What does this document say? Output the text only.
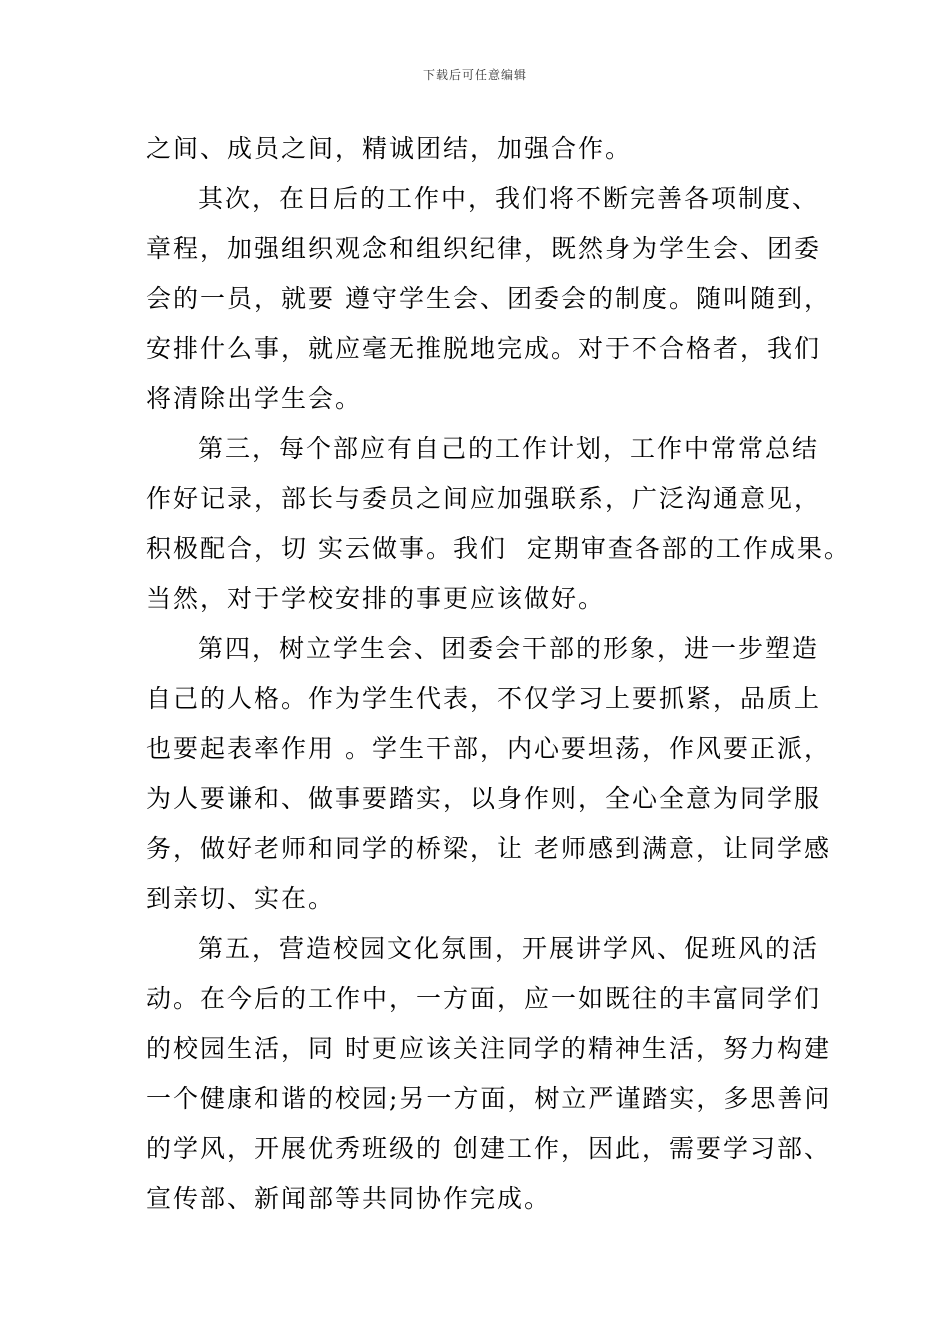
下载后可任意编辑
之间、成员之间，精诚团结，加强合作。
其次，在日后的工作中，我们将不断完善各项制度、
章程，加强组织观念和组织纪律，既然身为学生会、团委
会的一员，就要 遵守学生会、团委会的制度。随叫随到，
安排什么事，就应毫无推脱地完成。对于不合格者，我们
将清除出学生会。
第三，每个部应有自己的工作计划，工作中常常总结
作好记录，部长与委员之间应加强联系，广泛沟通意见，
积极配合，切 实云做事。我们  定期审查各部的工作成果。
当然，对于学校安排的事更应该做好。
第四，树立学生会、团委会干部的形象，进一步塑造
自己的人格。作为学生代表，不仅学习上要抓紧，品质上
也要起表率作用 。学生干部，内心要坦荡，作风要正派，
为人要谦和、做事要踏实，以身作则，全心全意为同学服
务，做好老师和同学的桥梁，让 老师感到满意，让同学感
到亲切、实在。
第五，营造校园文化氛围，开展讲学风、促班风的活
动。在今后的工作中，一方面，应一如既往的丰富同学们
的校园生活，同 时更应该关注同学的精神生活，努力构建
一个健康和谐的校园;另一方面，树立严谨踏实，多思善问
的学风，开展优秀班级的 创建工作，因此，需要学习部、
宣传部、新闻部等共同协作完成。
